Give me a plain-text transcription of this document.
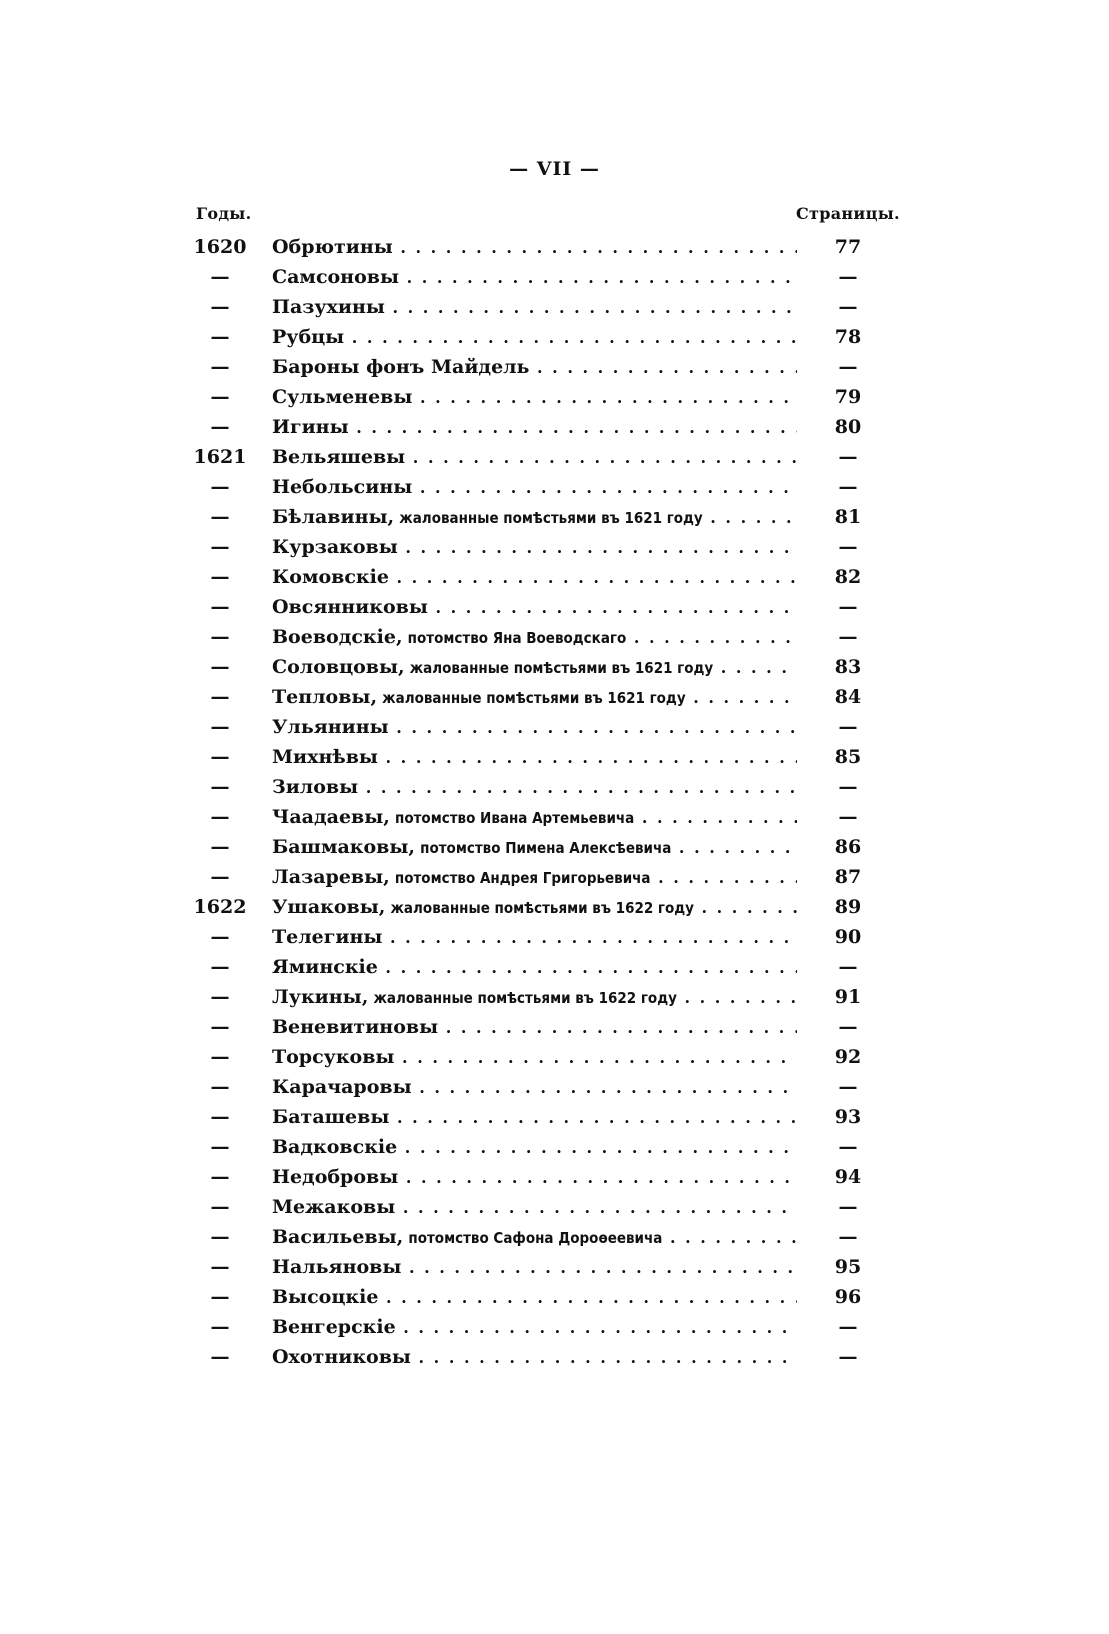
— VII —
Годы.	Страницы.
1620 Обрютины . .	77
—	Самсоновы . .	—
—	Пазухины . .	—
—	Рубцы . .	78
—	Бароны фонъ Майдель . .	—
—	Сульменевы . .	79
—	Игины . .	80
1621 Вельяшевы . .	—
—	Небольсины . .	—
—	Бѣлавины, жалованные помѣстьями въ 1621 году . .	81
—	Курзаковы . .	—
—	Комовскіе . .	82
—	Овсянниковы . .	—
—	Воеводскіе, потомство Яна Воеводскаго . .	—
—	Соловцовы, жалованные помѣстьями въ 1621 году . .	83
—	Тепловы, жалованные помѣстьями въ 1621 году . .	84
—	Ульянины . .	—
—	Михнѣвы . .	85
—	Зиловы . .	—
—	Чаадаевы, потомство Ивана Артемьевича . .	—
—	Башмаковы, потомство Пимена Алексѣевича . .	86
—	Лазаревы, потомство Андрея Григорьевича . .	87
1622 Ушаковы, жалованные помѣстьями въ 1622 году . .	89
—	Телегины . .	90
—	Яминскіе . .	—
—	Лукины, жалованные помѣстьями въ 1622 году . .	91
—	Веневитиновы . .	—
—	Торсуковы . .	92
—	Карачаровы . .	—
—	Баташевы . .	93
—	Вадковскіе . .	—
—	Недобровы . .	94
—	Межаковы . .	—
—	Васильевы, потомство Сафона Дороѳеевича . .	—
—	Нальяновы . .	95
—	Высоцкіе . .	96
—	Венгерскіе . .	—
—	Охотниковы . .	—
